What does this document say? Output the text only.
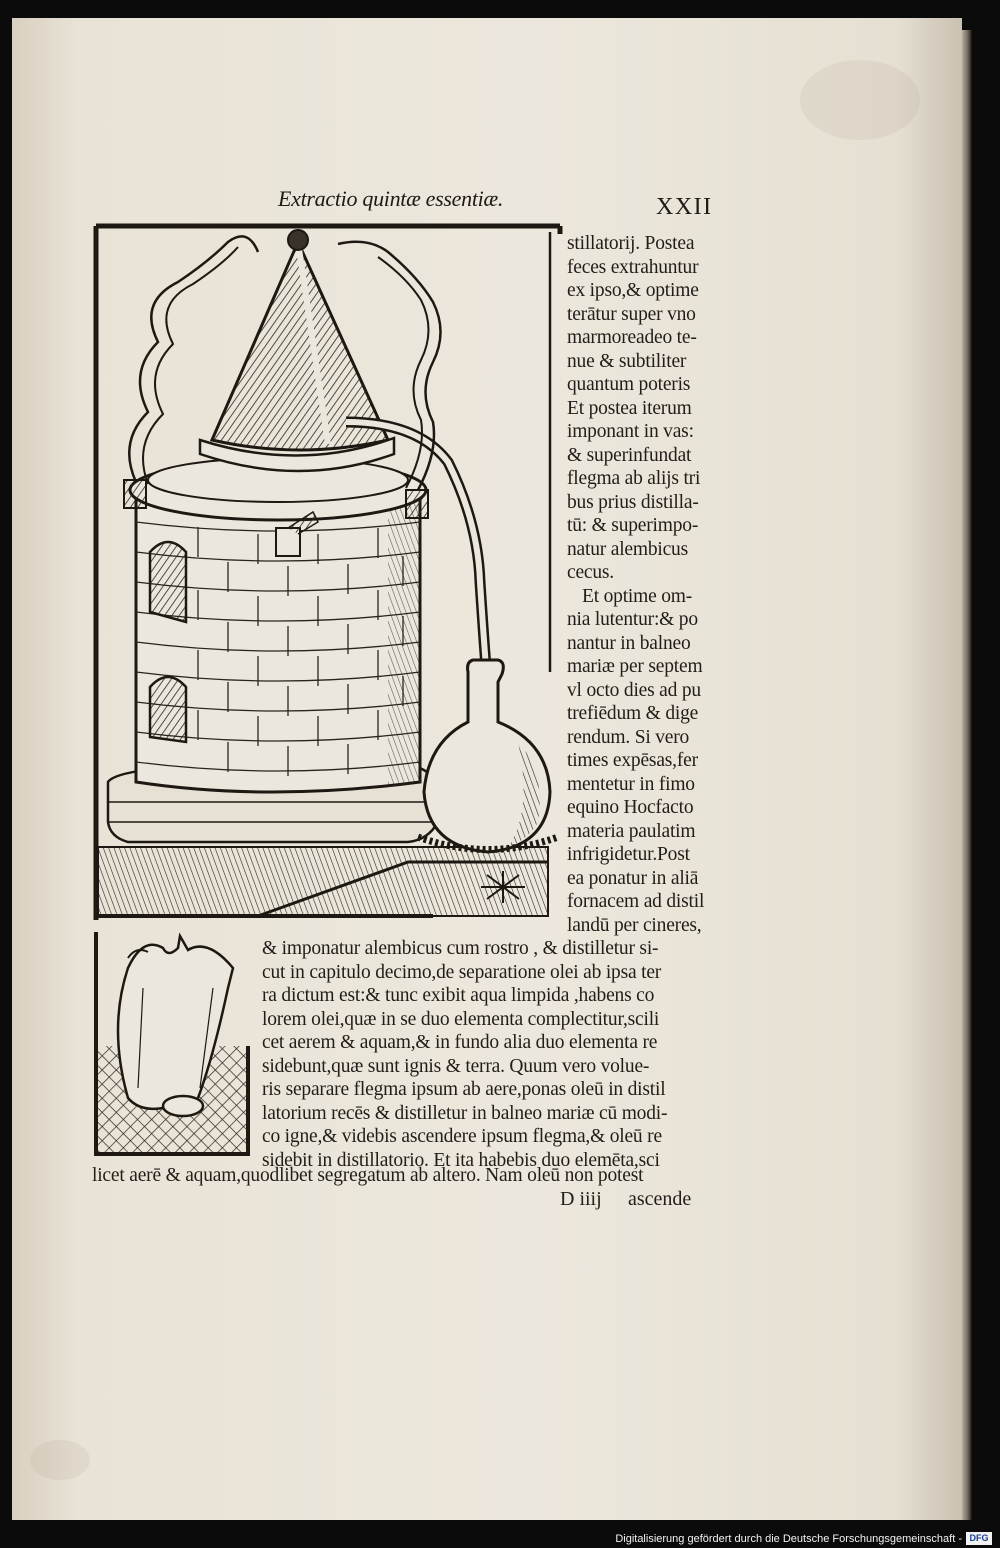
Extractio quintæ essentiæ.	XXII
stillatorij. Postea
feces extrahuntur
ex ipso,& optime
terātur super vno
marmoreadeo te-
nue & subtiliter
quantum poteris
Et postea iterum
imponant in vas:
& superinfundat
flegma ab alijs tri
bus prius distilla-
tū: & superimpo-
natur alembicus
cecus.
Et optime om-
nia lutentur:& po
nantur in balneo
mariæ per septem
vl octo dies ad pu
trefiēdum & dige
rendum. Si vero
times expēsas,fer
mentetur in fimo
equino Hocfacto
materia paulatim
infrigidetur.Post
ea ponatur in aliā
fornacem ad distil
landū per cineres,
& imponatur alembicus cum rostro , & distilletur si-
cut in capitulo decimo,de separatione olei ab ipsa ter
ra dictum est:& tunc exibit aqua limpida ,habens co
lorem olei,quæ in se duo elementa complectitur,scili
cet aerem & aquam,& in fundo alia duo elementa re
sidebunt,quæ sunt ignis & terra. Quum vero volue-
ris separare flegma ipsum ab aere,ponas oleū in distil
latorium recēs & distilletur in balneo mariæ cū modi-
co igne,& videbis ascendere ipsum flegma,& oleū re
sidebit in distillatorio. Et ita habebis duo elemēta,sci
licet aerē & aquam,quodlibet segregatum ab altero. Nam oleū non potest
D iiij ascende
Digitalisierung gefördert durch die Deutsche Forschungsgemeinschaft - DFG
